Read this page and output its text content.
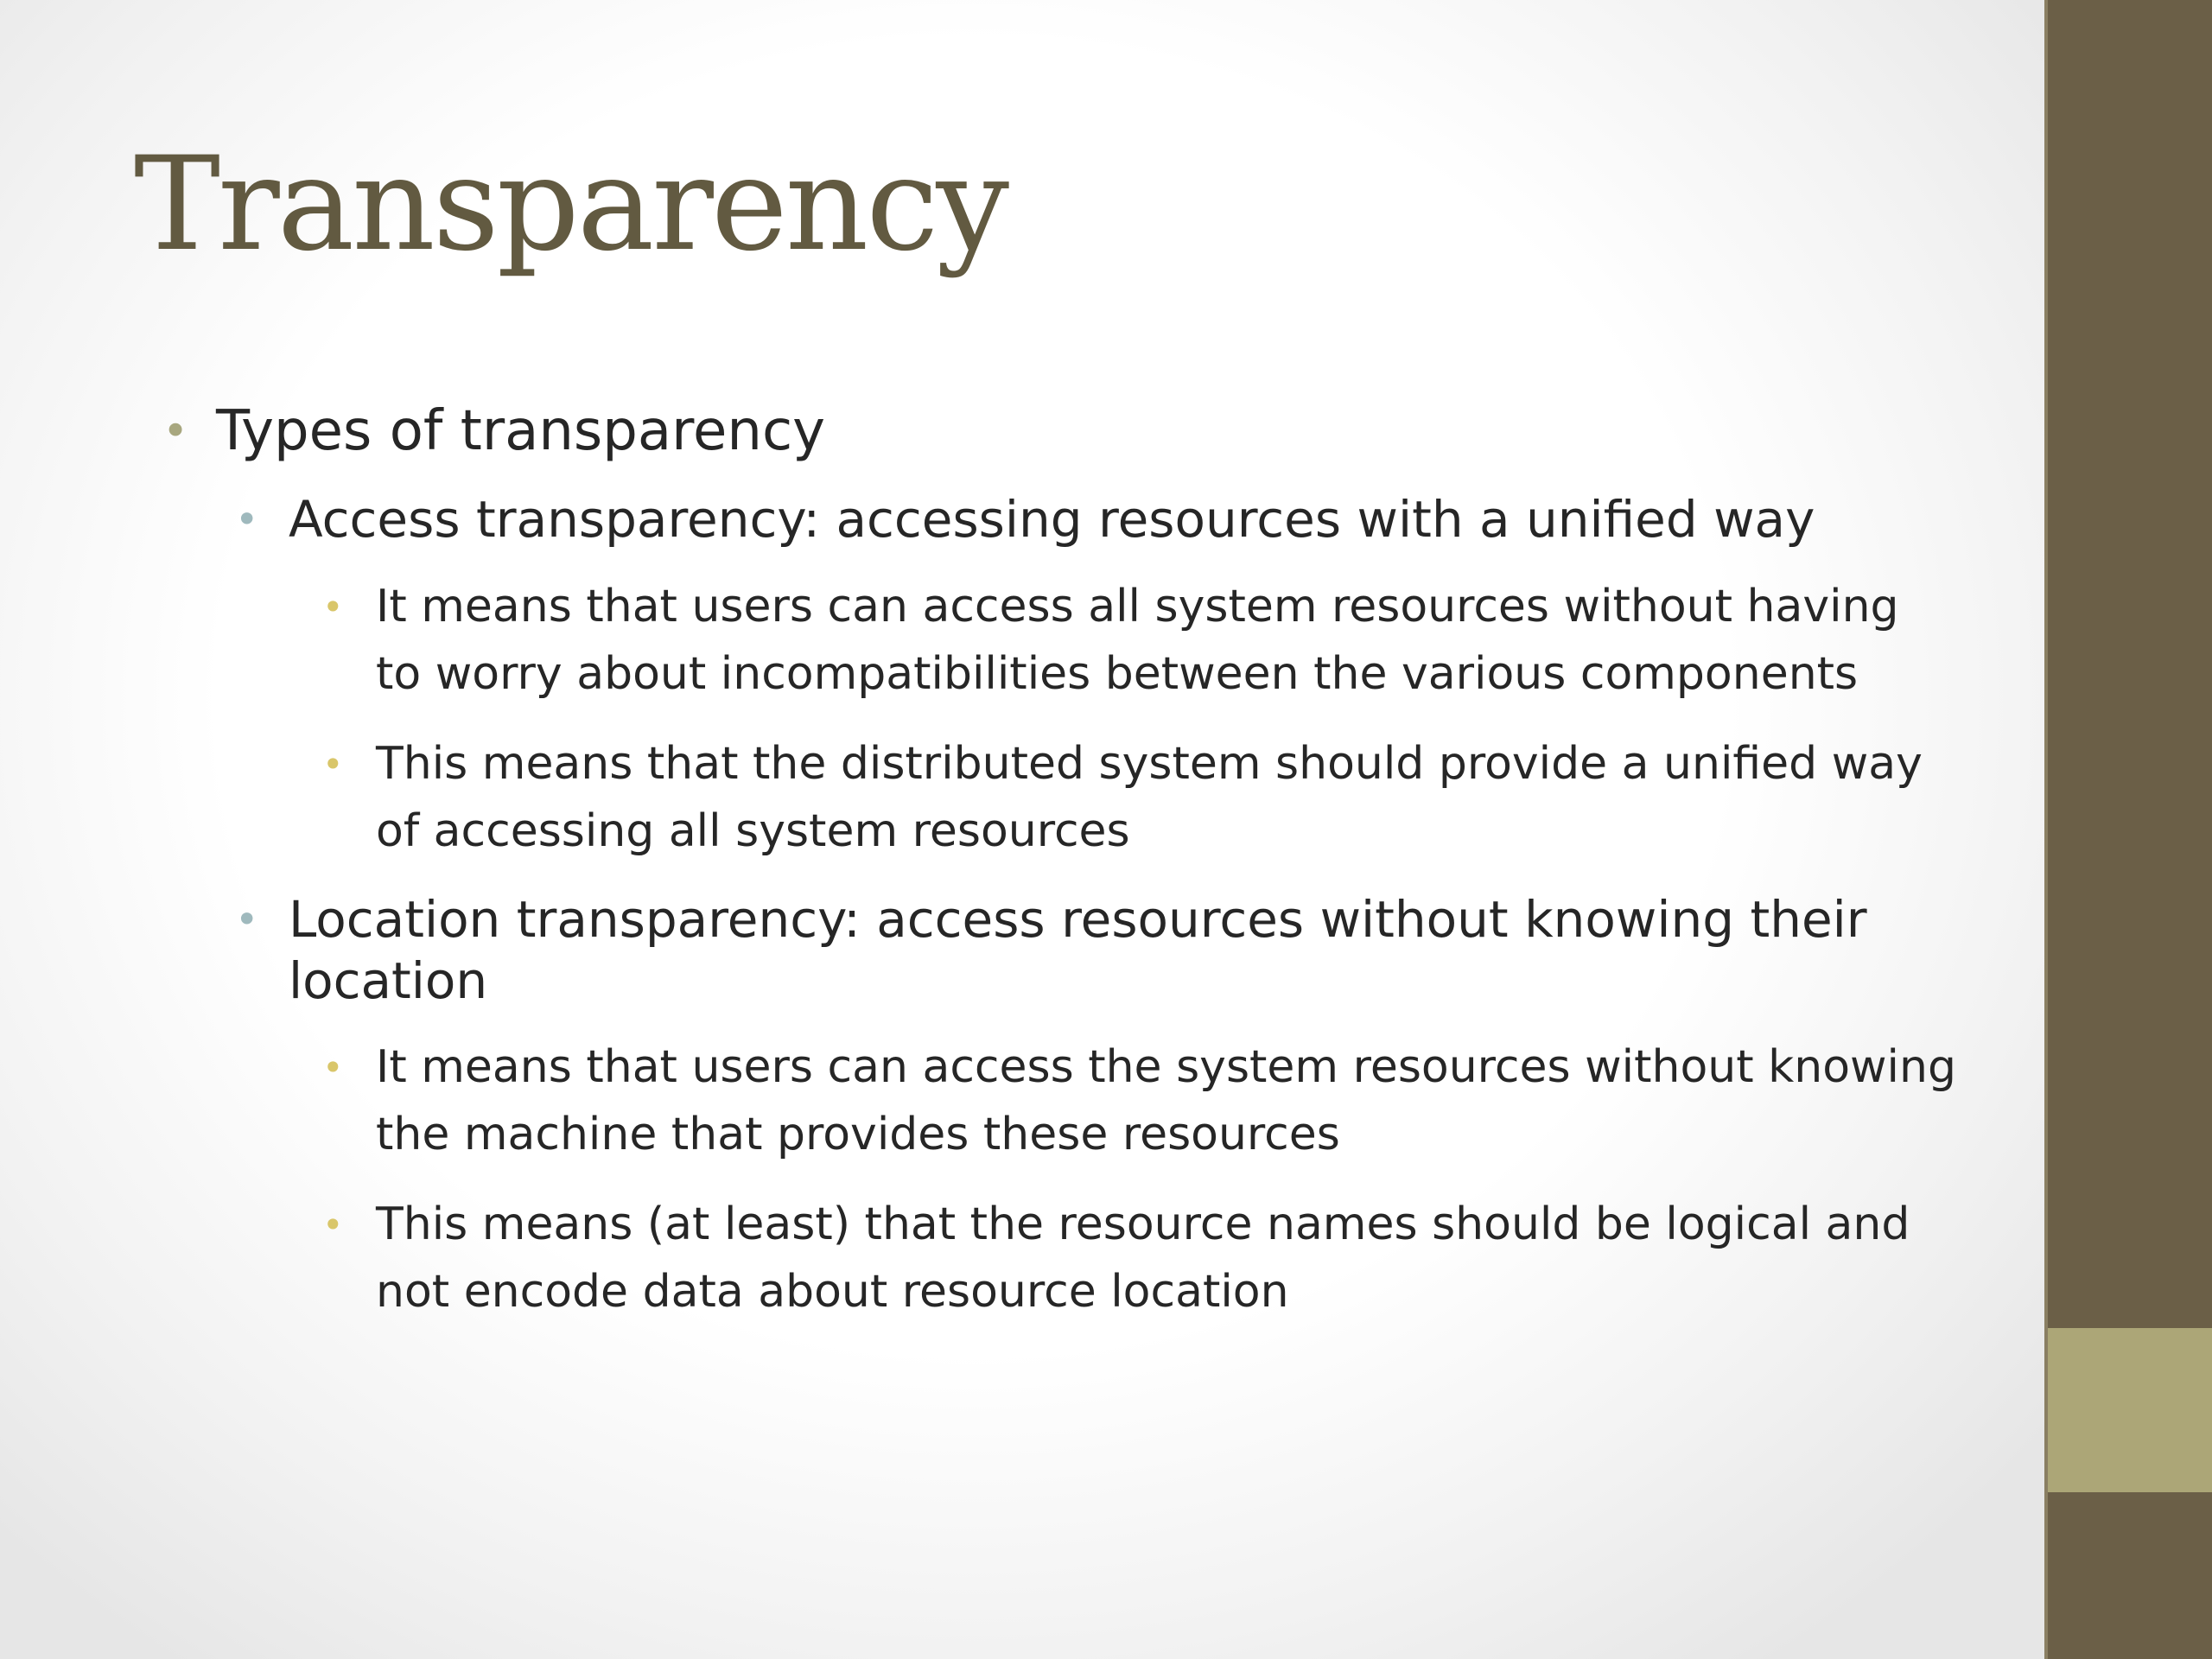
Transparency
• Types of transparency
• Access transparency: accessing resources with a unified way
• It means that users can access all system resources without having to worry about incompatibilities between the various components
• This means that the distributed system should provide a unified way of accessing all system resources
• Location transparency: access resources without knowing their location
• It means that users can access the system resources without knowing the machine that provides these resources
• This means (at least) that the resource names should be logical and not encode data about resource location
